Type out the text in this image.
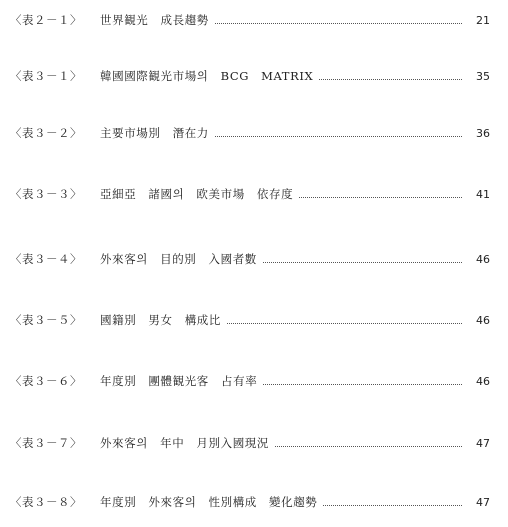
〈表２－１〉	世界観光　成長趨勢	21
〈表３－１〉	韓國國際観光市場의　BCG　MATRIX	35
〈表３－２〉	主要市場別　潛在力	36
〈表３－３〉	亞細亞　諸國의　欧美市場　依存度	41
〈表３－４〉	外來客의　目的別　入國者數	46
〈表３－５〉	國籍別　男女　構成比	46
〈表３－６〉	年度別　團體観光客　占有率	46
〈表３－７〉	外來客의　年中　月別入國現況	47
〈表３－８〉	年度別　外來客의　性別構成　變化趨勢	47
